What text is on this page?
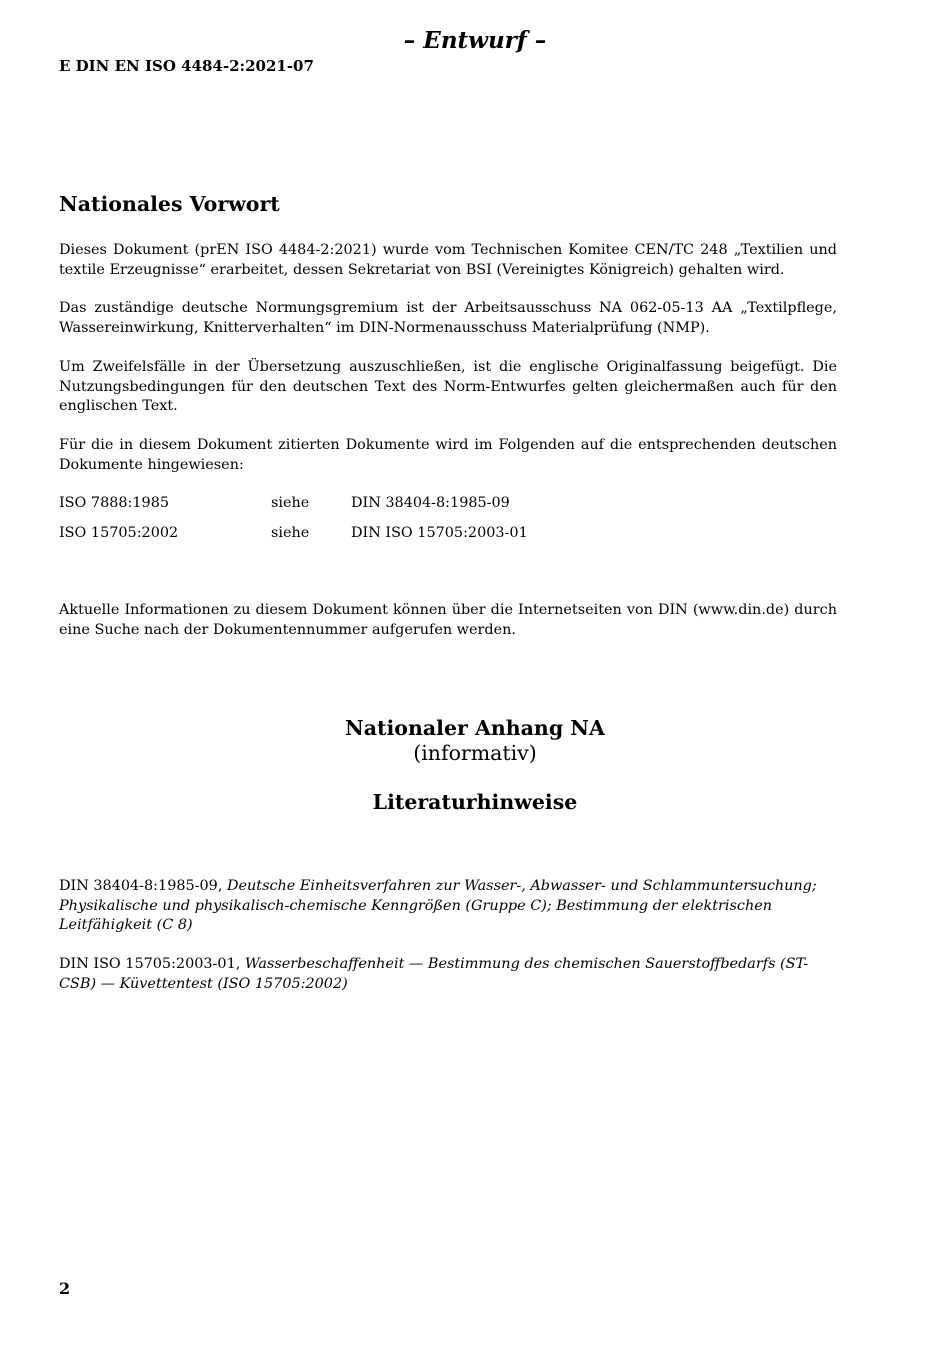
– Entwurf –
E DIN EN ISO 4484-2:2021-07
Nationales Vorwort

Dieses Dokument (prEN ISO 4484-2:2021) wurde vom Technischen Komitee CEN/TC 248 „Textilien und textile Erzeugnisse“ erarbeitet, dessen Sekretariat von BSI (Vereinigtes Königreich) gehalten wird.

Das zuständige deutsche Normungsgremium ist der Arbeitsausschuss NA 062-05-13 AA „Textilpflege, Wassereinwirkung, Knitterverhalten“ im DIN-Normenausschuss Materialprüfung (NMP).

Um Zweifelsfälle in der Übersetzung auszuschließen, ist die englische Originalfassung beigefügt. Die Nutzungsbedingungen für den deutschen Text des Norm-Entwurfes gelten gleichermaßen auch für den englischen Text.

Für die in diesem Dokument zitierten Dokumente wird im Folgenden auf die entsprechenden deutschen Dokumente hingewiesen:

ISO 7888:1985	siehe	DIN 38404-8:1985-09
ISO 15705:2002	siehe	DIN ISO 15705:2003-01

Aktuelle Informationen zu diesem Dokument können über die Internetseiten von DIN (www.din.de) durch eine Suche nach der Dokumentennummer aufgerufen werden.

Nationaler Anhang NA
(informativ)
Literaturhinweise

DIN 38404-8:1985-09, Deutsche Einheitsverfahren zur Wasser-, Abwasser- und Schlammuntersuchung; Physikalische und physikalisch-chemische Kenngrößen (Gruppe C); Bestimmung der elektrischen Leitfähigkeit (C 8)

DIN ISO 15705:2003-01, Wasserbeschaffenheit — Bestimmung des chemischen Sauerstoffbedarfs (ST-CSB) — Küvettentest (ISO 15705:2002)

2
